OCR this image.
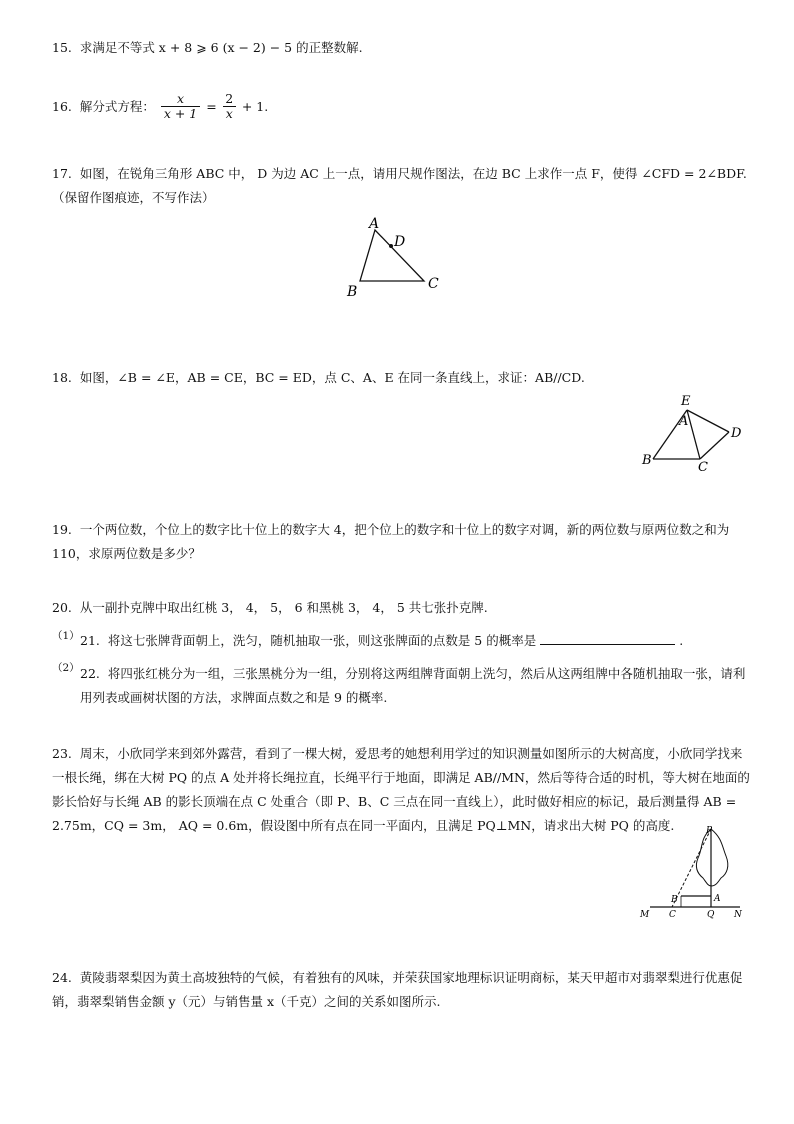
15.  求满足不等式 x + 8 ⩾ 6 (x − 2) − 5 的正整数解.
16.  解分式方程： $\frac{x}{x + 1} = \frac{2}{x} + 1$.
17.  如图，在锐角三角形 ABC 中， D 为边 AC 上一点，请用尺规作图法，在边 BC 上求作一点 F，使得 ∠CFD = 2∠BDF.（保留作图痕迹，不写作法）
A
D
B	C
18.  如图，∠B = ∠E，AB = CE，BC = ED，点 C、A、E 在同一条直线上，求证：AB//CD.
E
A
D
B	C
19.  一个两位数，个位上的数字比十位上的数字大 4，把个位上的数字和十位上的数字对调，新的两位数与原两位数之和为 110，求原两位数是多少？
20.  从一副扑克牌中取出红桃 3， 4， 5， 6 和黑桃 3， 4， 5 共七张扑克牌.
（1） 21.  将这七张牌背面朝上，洗匀，随机抽取一张，则这张牌面的点数是 5 的概率是	.
（2） 22.  将四张红桃分为一组，三张黑桃分为一组，分别将这两组牌背面朝上洗匀，然后从这两组牌中各随机抽取一张，请利用列表或画树状图的方法，求牌面点数之和是 9 的概率.
23.  周末，小欣同学来到郊外露营，看到了一棵大树，爱思考的她想利用学过的知识测量如图所示的大树高度，小欣同学找来一根长绳，绑在大树 PQ 的点 A 处并将长绳拉直，长绳平行于地面，即满足 AB//MN，然后等待合适的时机，等大树在地面的影长恰好与长绳 AB 的影长顶端在点 C 处重合（即 P、B、C 三点在同一直线上），此时做好相应的标记，最后测量得 AB = 2.75m，CQ = 3m， AQ = 0.6m，假设图中所有点在同一平面内，且满足 PQ⊥MN，请求出大树 PQ 的高度.	P
B	A
M C	Q N
24.  黄陵翡翠梨因为黄土高坡独特的气候，有着独有的风味，并荣获国家地理标识证明商标，某天甲超市对翡翠梨进行优惠促销，翡翠梨销售金额 y（元）与销售量 x（千克）之间的关系如图所示.
